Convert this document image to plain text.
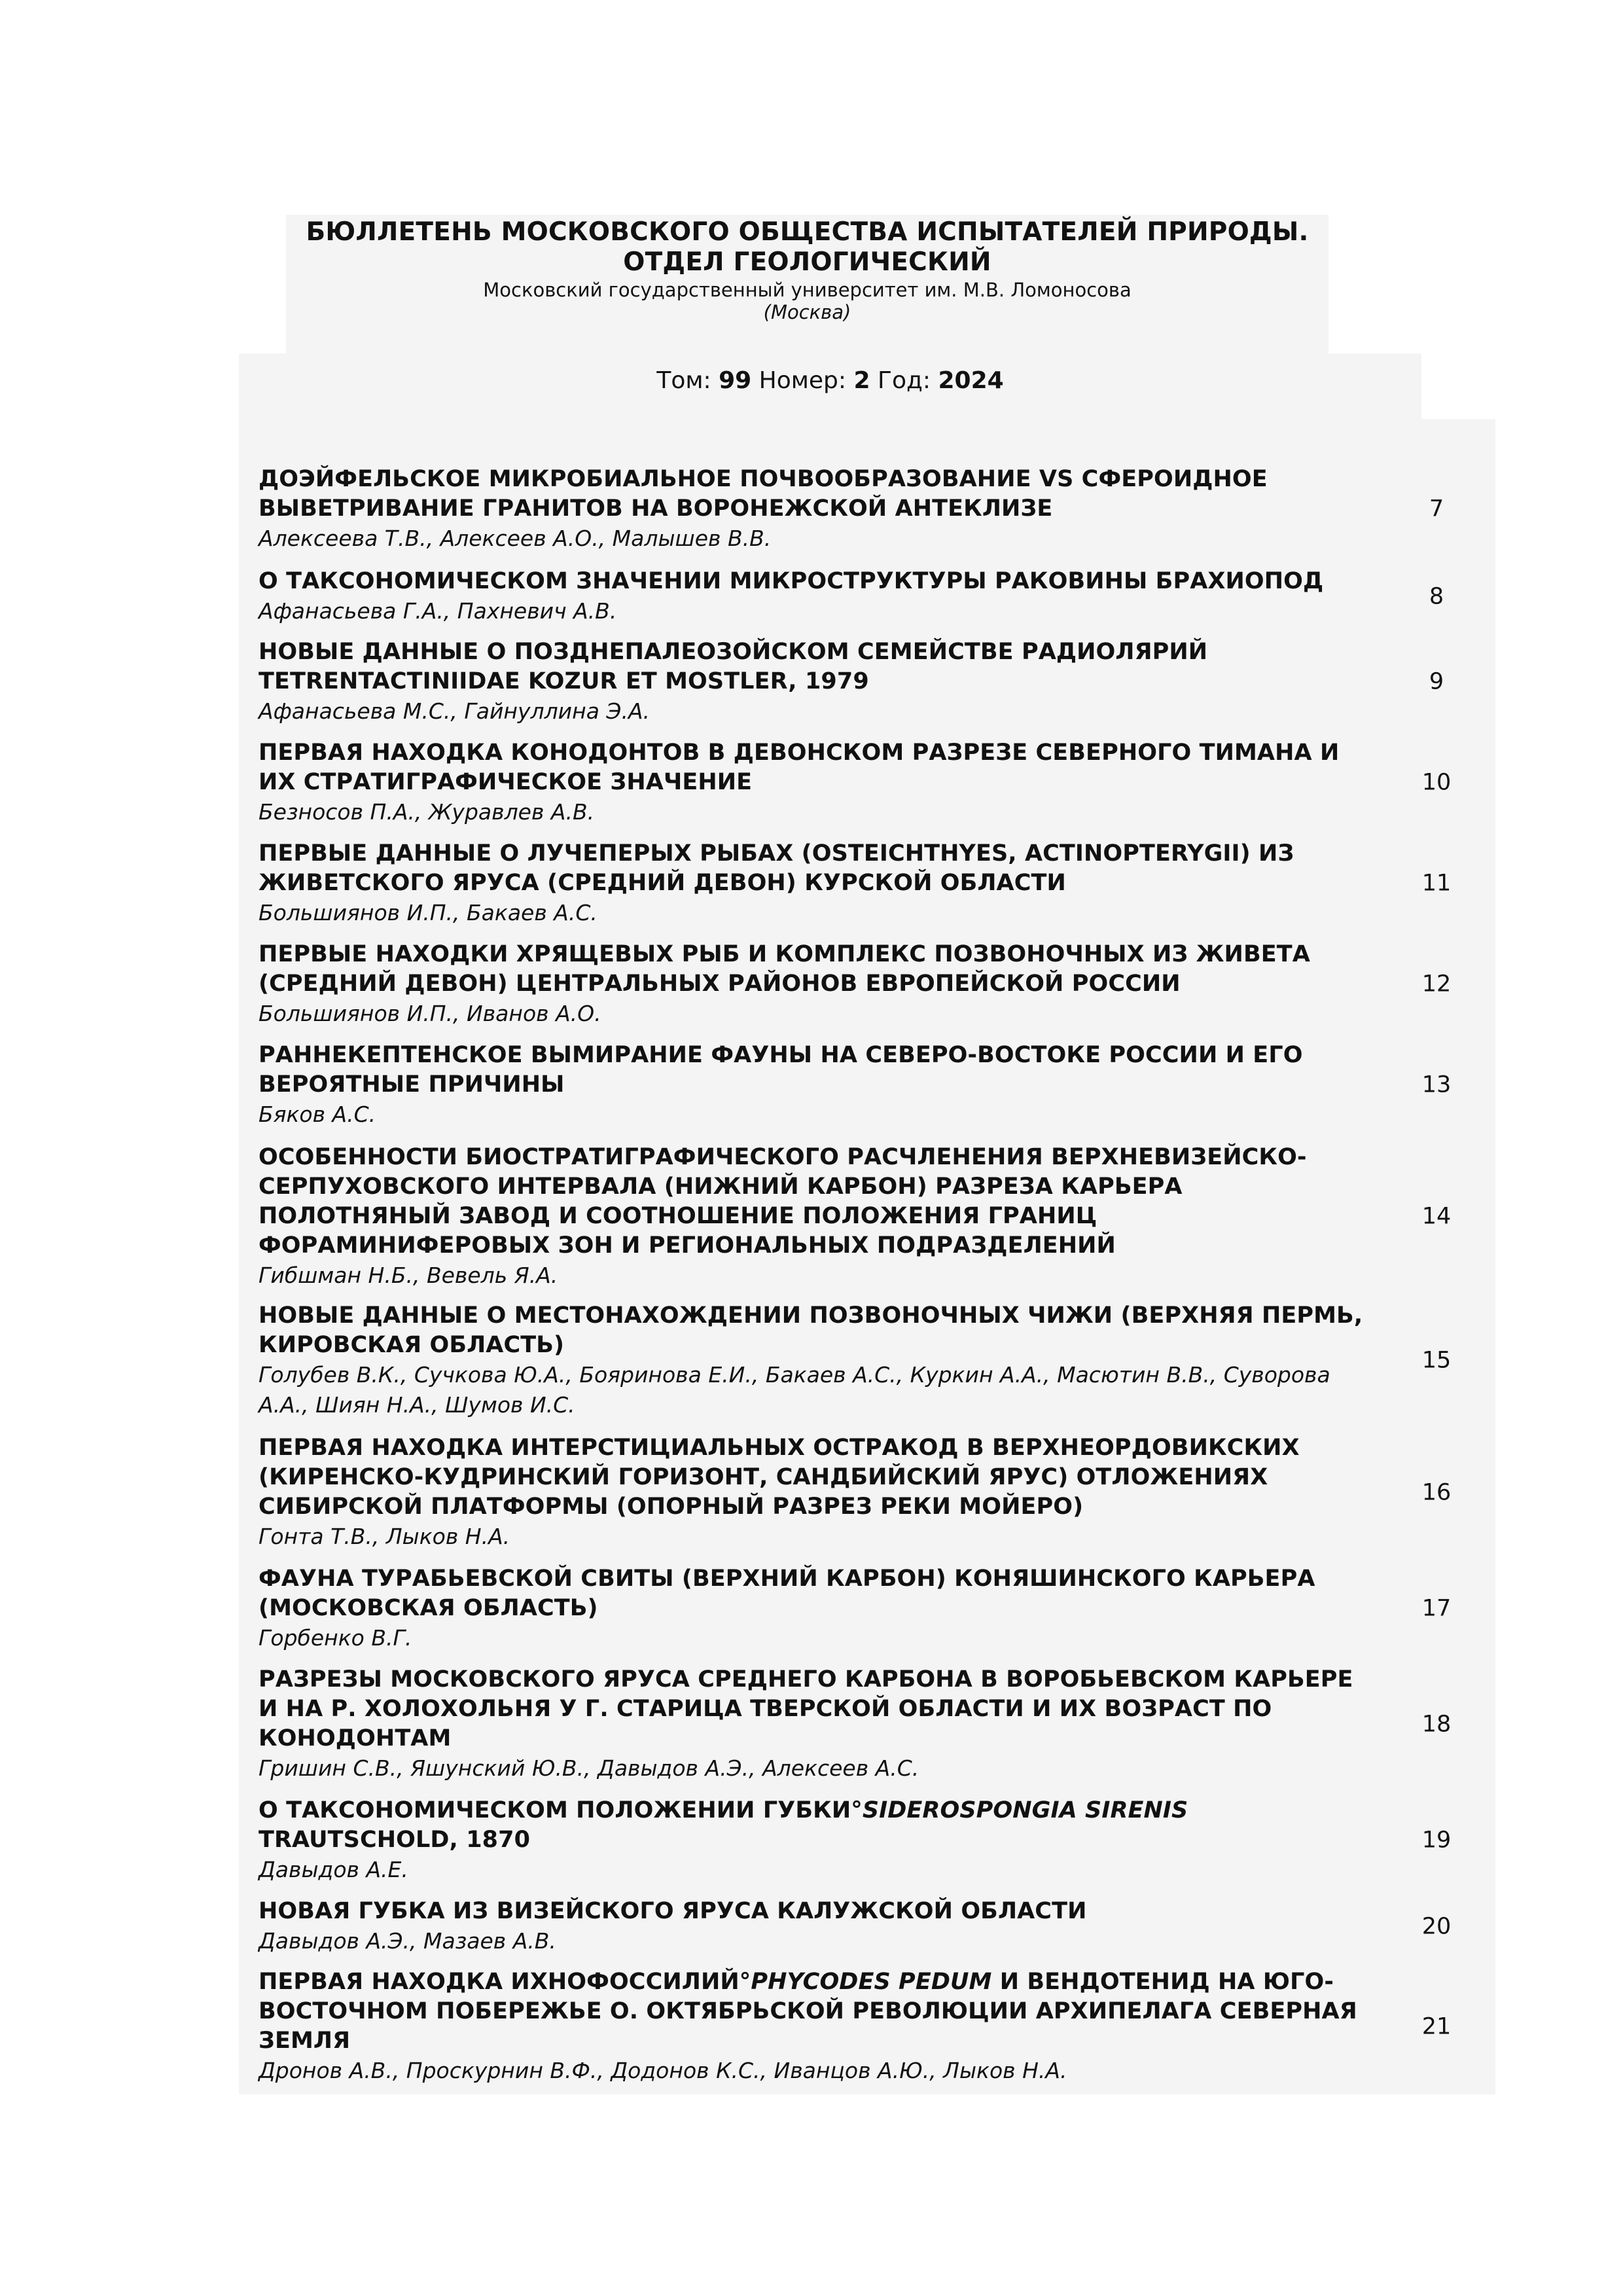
БЮЛЛЕТЕНЬ МОСКОВСКОГО ОБЩЕСТВА ИСПЫТАТЕЛЕЙ ПРИРОДЫ.
ОТДЕЛ ГЕОЛОГИЧЕСКИЙ
Московский государственный университет им. М.В. Ломоносова
(Москва)
Том: 99 Номер: 2 Год: 2024
ДОЭЙФЕЛЬСКОЕ МИКРОБИАЛЬНОЕ ПОЧВООБРАЗОВАНИЕ VS СФЕРОИДНОЕ ВЫВЕТРИВАНИЕ ГРАНИТОВ НА ВОРОНЕЖСКОЙ АНТЕКЛИЗЕ
Алексеева Т.В., Алексеев А.О., Малышев В.В.
7
О ТАКСОНОМИЧЕСКОМ ЗНАЧЕНИИ МИКРОСТРУКТУРЫ РАКОВИНЫ БРАХИОПОД
Афанасьева Г.А., Пахневич А.В.
8
НОВЫЕ ДАННЫЕ О ПОЗДНЕПАЛЕОЗОЙСКОМ СЕМЕЙСТВЕ РАДИОЛЯРИЙ TETRENTACTINIIDAE KOZUR ET MOSTLER, 1979
Афанасьева М.С., Гайнуллина Э.А.
9
ПЕРВАЯ НАХОДКА КОНОДОНТОВ В ДЕВОНСКОМ РАЗРЕЗЕ СЕВЕРНОГО ТИМАНА И ИХ СТРАТИГРАФИЧЕСКОЕ ЗНАЧЕНИЕ
Безносов П.А., Журавлев А.В.
10
ПЕРВЫЕ ДАННЫЕ О ЛУЧЕПЕРЫХ РЫБАХ (OSTEICHTHYES, ACTINOPTERYGII) ИЗ ЖИВЕТСКОГО ЯРУСА (СРЕДНИЙ ДЕВОН) КУРСКОЙ ОБЛАСТИ
Большиянов И.П., Бакаев А.С.
11
ПЕРВЫЕ НАХОДКИ ХРЯЩЕВЫХ РЫБ И КОМПЛЕКС ПОЗВОНОЧНЫХ ИЗ ЖИВЕТА (СРЕДНИЙ ДЕВОН) ЦЕНТРАЛЬНЫХ РАЙОНОВ ЕВРОПЕЙСКОЙ РОССИИ
Большиянов И.П., Иванов А.О.
12
РАННЕКЕПТЕНСКОЕ ВЫМИРАНИЕ ФАУНЫ НА СЕВЕРО-ВОСТОКЕ РОССИИ И ЕГО ВЕРОЯТНЫЕ ПРИЧИНЫ
Бяков А.С.
13
ОСОБЕННОСТИ БИОСТРАТИГРАФИЧЕСКОГО РАСЧЛЕНЕНИЯ ВЕРХНЕВИЗЕЙСКО-СЕРПУХОВСКОГО ИНТЕРВАЛА (НИЖНИЙ КАРБОН) РАЗРЕЗА КАРЬЕРА ПОЛОТНЯНЫЙ ЗАВОД И СООТНОШЕНИЕ ПОЛОЖЕНИЯ ГРАНИЦ ФОРАМИНИФЕРОВЫХ ЗОН И РЕГИОНАЛЬНЫХ ПОДРАЗДЕЛЕНИЙ
Гибшман Н.Б., Вевель Я.А.
14
НОВЫЕ ДАННЫЕ О МЕСТОНАХОЖДЕНИИ ПОЗВОНОЧНЫХ ЧИЖИ (ВЕРХНЯЯ ПЕРМЬ, КИРОВСКАЯ ОБЛАСТЬ)
Голубев В.К., Сучкова Ю.А., Бояринова Е.И., Бакаев А.С., Куркин А.А., Масютин В.В., Суворова А.А., Шиян Н.А., Шумов И.С.
15
ПЕРВАЯ НАХОДКА ИНТЕРСТИЦИАЛЬНЫХ ОСТРАКОД В ВЕРХНЕОРДОВИКСКИХ (КИРЕНСКО-КУДРИНСКИЙ ГОРИЗОНТ, САНДБИЙСКИЙ ЯРУС) ОТЛОЖЕНИЯХ СИБИРСКОЙ ПЛАТФОРМЫ (ОПОРНЫЙ РАЗРЕЗ РЕКИ МОЙЕРО)
Гонта Т.В., Лыков Н.А.
16
ФАУНА ТУРАБЬЕВСКОЙ СВИТЫ (ВЕРХНИЙ КАРБОН) КОНЯШИНСКОГО КАРЬЕРА (МОСКОВСКАЯ ОБЛАСТЬ)
Горбенко В.Г.
17
РАЗРЕЗЫ МОСКОВСКОГО ЯРУСА СРЕДНЕГО КАРБОНА В ВОРОБЬЕВСКОМ КАРЬЕРЕ И НА Р. ХОЛОХОЛЬНЯ У Г. СТАРИЦА ТВЕРСКОЙ ОБЛАСТИ И ИХ ВОЗРАСТ ПО КОНОДОНТАМ
Гришин С.В., Яшунский Ю.В., Давыдов А.Э., Алексеев А.С.
18
О ТАКСОНОМИЧЕСКОМ ПОЛОЖЕНИИ ГУБКИ°SIDEROSPONGIA SIRENIS TRAUTSCHOLD, 1870
Давыдов А.Е.
19
НОВАЯ ГУБКА ИЗ ВИЗЕЙСКОГО ЯРУСА КАЛУЖСКОЙ ОБЛАСТИ
Давыдов А.Э., Мазаев А.В.
20
ПЕРВАЯ НАХОДКА ИХНОФОССИЛИЙ°PHYCODES PEDUM И ВЕНДОТЕНИД НА ЮГО-ВОСТОЧНОМ ПОБЕРЕЖЬЕ О. ОКТЯБРЬСКОЙ РЕВОЛЮЦИИ АРХИПЕЛАГА СЕВЕРНАЯ ЗЕМЛЯ
Дронов А.В., Проскурнин В.Ф., Додонов К.С., Иванцов А.Ю., Лыков Н.А.
21
